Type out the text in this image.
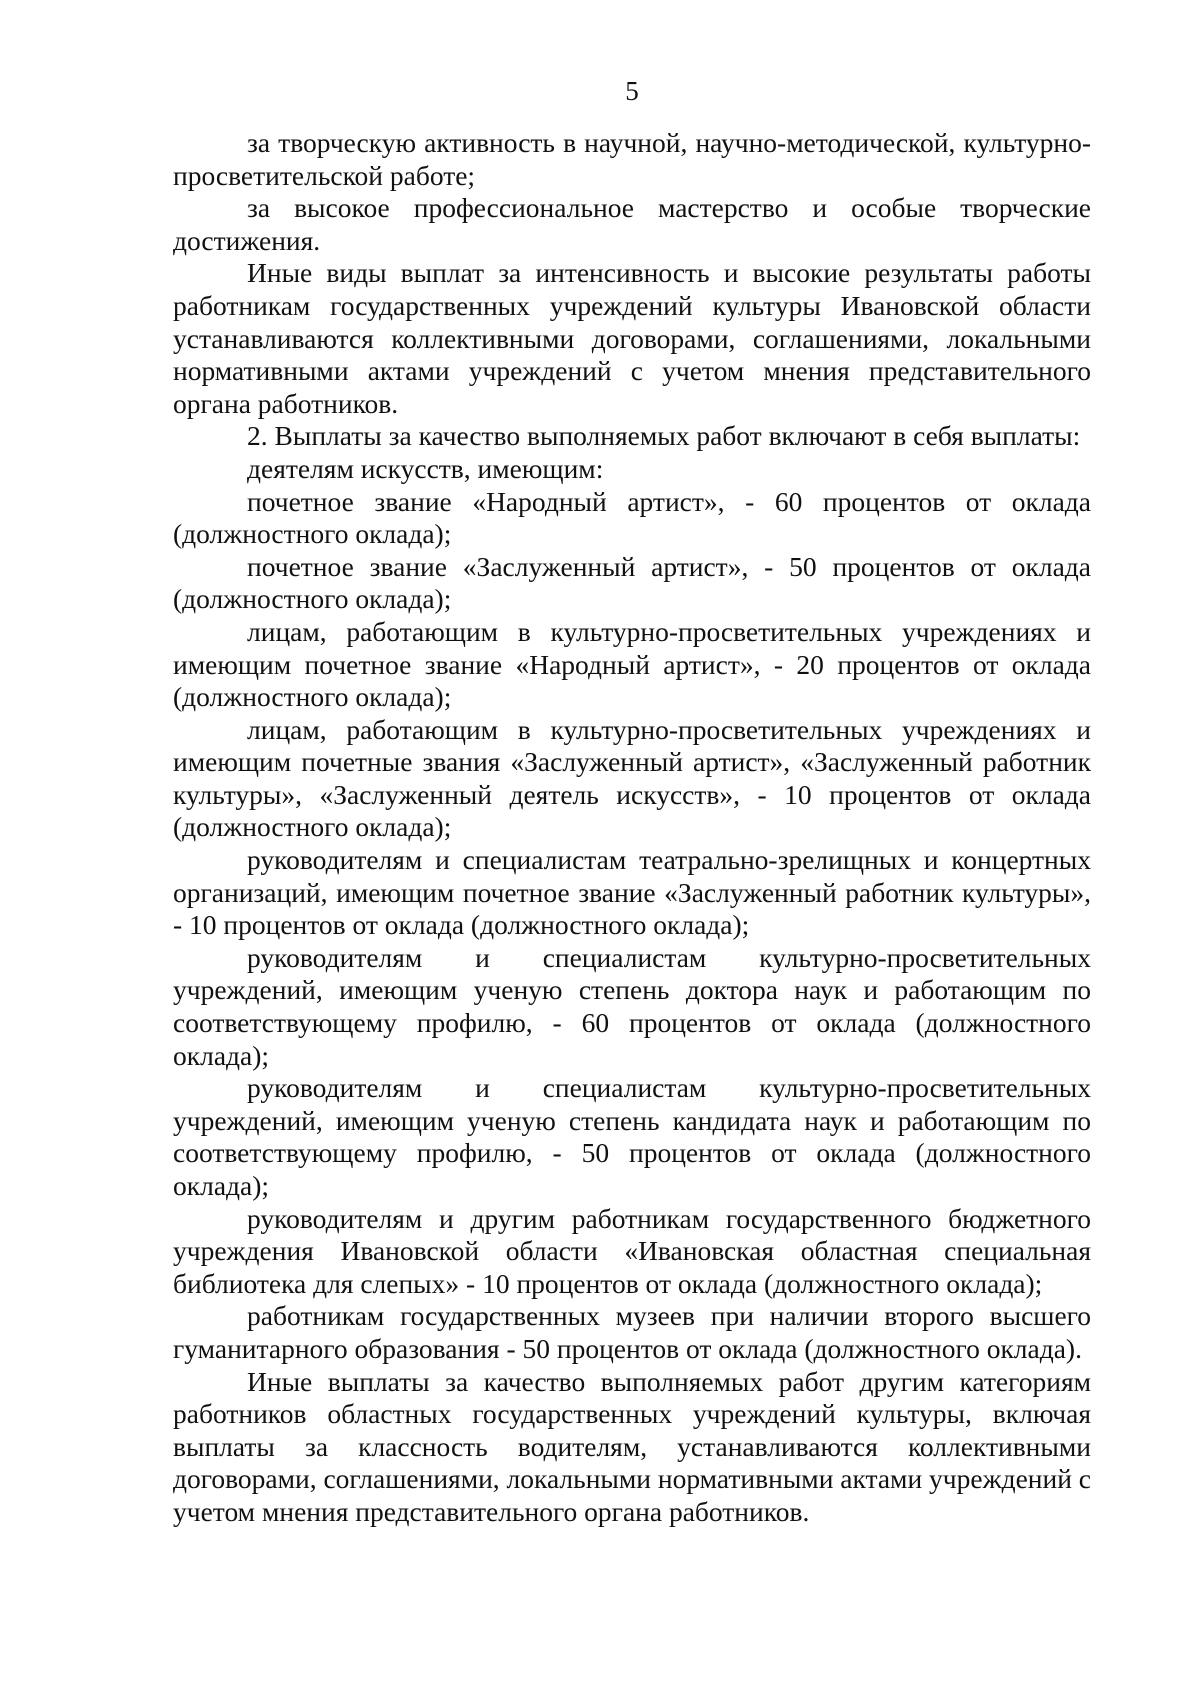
5

за творческую активность в научной, научно-методической, культурно-просветительской работе;

за высокое профессиональное мастерство и особые творческие достижения.

Иные виды выплат за интенсивность и высокие результаты работы работникам государственных учреждений культуры Ивановской области устанавливаются коллективными договорами, соглашениями, локальными нормативными актами учреждений с учетом мнения представительного органа работников.

2. Выплаты за качество выполняемых работ включают в себя выплаты:

деятелям искусств, имеющим:

почетное звание «Народный артист», - 60 процентов от оклада (должностного оклада);

почетное звание «Заслуженный артист», - 50 процентов от оклада (должностного оклада);

лицам, работающим в культурно-просветительных учреждениях и имеющим почетное звание «Народный артист», - 20 процентов от оклада (должностного оклада);

лицам, работающим в культурно-просветительных учреждениях и имеющим почетные звания «Заслуженный артист», «Заслуженный работник культуры», «Заслуженный деятель искусств», - 10 процентов от оклада (должностного оклада);

руководителям и специалистам театрально-зрелищных и концертных организаций, имеющим почетное звание «Заслуженный работник культуры», - 10 процентов от оклада (должностного оклада);

руководителям и специалистам культурно-просветительных учреждений, имеющим ученую степень доктора наук и работающим по соответствующему профилю, - 60 процентов от оклада (должностного оклада);

руководителям и специалистам культурно-просветительных учреждений, имеющим ученую степень кандидата наук и работающим по соответствующему профилю, - 50 процентов от оклада (должностного оклада);

руководителям и другим работникам государственного бюджетного учреждения Ивановской области «Ивановская областная специальная библиотека для слепых» - 10 процентов от оклада (должностного оклада);

работникам государственных музеев при наличии второго высшего гуманитарного образования - 50 процентов от оклада (должностного оклада).

Иные выплаты за качество выполняемых работ другим категориям работников областных государственных учреждений культуры, включая выплаты за классность водителям, устанавливаются коллективными договорами, соглашениями, локальными нормативными актами учреждений с учетом мнения представительного органа работников.
